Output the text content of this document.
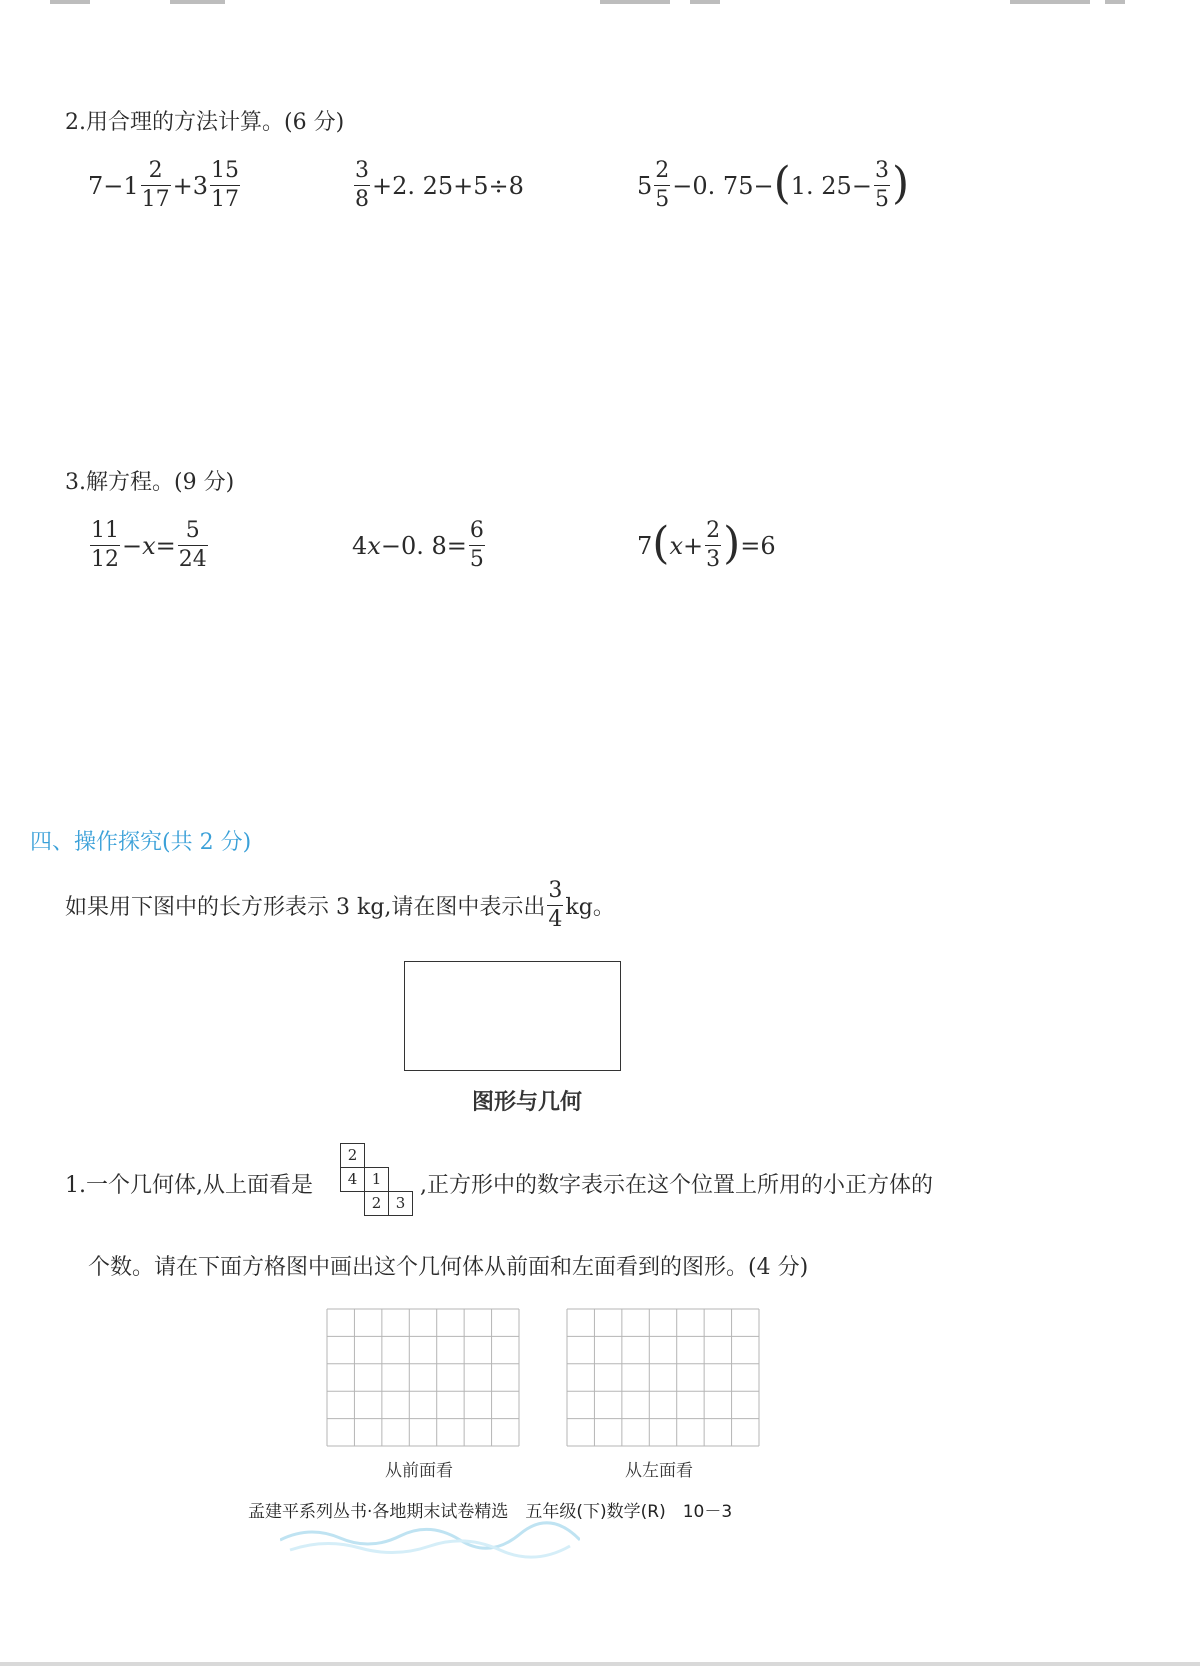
2.用合理的方法计算。(6 分)
$7-1 \frac{2}{17} +3 \frac{15}{17}$	$\frac{3}{8} +2$. 25+5÷8	$5 \frac{2}{5} -0$. 75− ( 1. $25- \frac{3}{5}$ )
3.解方程。(9 分)
$\frac{11}{12} - x = \frac{5}{24}$	4 x −0. $8= \frac{6}{5}$	7 ( $x + \frac{2}{3}$ ) =6
四、操作探究(共 2 分)
如果用下图中的长方形表示 3 kg,请在图中表示出 $\frac{3}{4}$ kg。
图形与几何
1.一个几何体,从上面看是
2
4 1
2 3
,正方形中的数字表示在这个位置上所用的小正方体的
个数。请在下面方格图中画出这个几何体从前面和左面看到的图形。(4 分)
从前面看	从左面看
孟建平系列丛书·各地期末试卷精选　五年级(下)数学(R)　10－3
